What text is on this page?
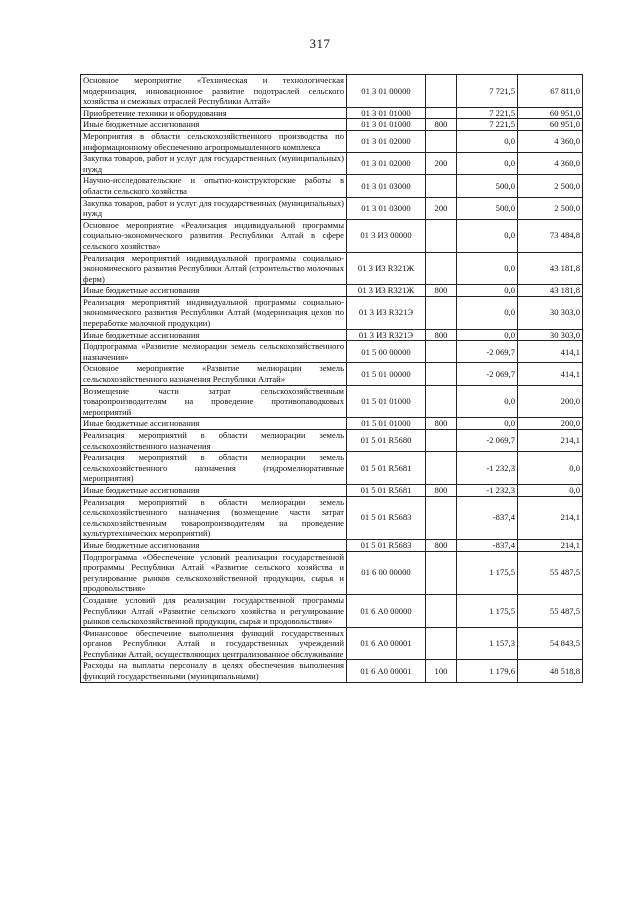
317
Основное мероприятие «Техническая и технологическая модернизация, инновационное развитие подотраслей сельского хозяйства и смежных отраслей Республики Алтай»	01 3 01 00000		7 721,5	67 811,0
Приобретение техники и оборудования	01 3 01 01000		7 221,5	60 951,0
Иные бюджетные ассигнования	01 3 01 01000	800	7 221,5	60 951,0
Мероприятия в области сельскохозяйственного производства по информационному обеспечению агропромышленного комплекса	01 3 01 02000		0,0	4 360,0
Закупка товаров, работ и услуг для государственных (муниципальных) нужд	01 3 01 02000	200	0,0	4 360,0
Научно-исследовательские и опытно-конструкторские работы в области сельского хозяйства	01 3 01 03000		500,0	2 500,0
Закупка товаров, работ и услуг для государственных (муниципальных) нужд	01 3 01 03000	200	500,0	2 500,0
Основное мероприятие «Реализация индивидуальной программы социально-экономического развития Республики Алтай в сфере сельского хозяйства»	01 3 И3 00000		0,0	73 484,8
Реализация мероприятий индивидуальной программы социально-экономического развития Республики Алтай (строительство молочных ферм)	01 3 И3 R321Ж		0,0	43 181,8
Иные бюджетные ассигнования	01 3 И3 R321Ж	800	0,0	43 181,8
Реализация мероприятий индивидуальной программы социально-экономического развития Республики Алтай (модернизация цехов по переработке молочной продукции)	01 3 И3 R321Э		0,0	30 303,0
Иные бюджетные ассигнования	01 3 И3 R321Э	800	0,0	30 303,0
Подпрограмма «Развитие мелиорации земель сельскохозяйственного назначения»	01 5 00 00000		-2 069,7	414,1
Основное мероприятие «Развитие мелиорации земель сельскохозяйственного назначения Республики Алтай»	01 5 01 00000		-2 069,7	414,1
Возмещение части затрат сельскохозяйственным товаропроизводителям на проведение противопаводковых мероприятий	01 5 01 01000		0,0	200,0
Иные бюджетные ассигнования	01 5 01 01000	800	0,0	200,0
Реализация мероприятий в области мелиорации земель сельскохозяйственного назначения	01 5 01 R5680		-2 069,7	214,1
Реализация мероприятий в области мелиорации земель сельскохозяйственного назначения (гидромелиоративные мероприятия)	01 5 01 R5681		-1 232,3	0,0
Иные бюджетные ассигнования	01 5 01 R5681	800	-1 232,3	0,0
Реализация мероприятий в области мелиорации земель сельскохозяйственного назначения (возмещение части затрат сельскохозяйственным товаропроизводителям на проведение культуртехнических мероприятий)	01 5 01 R5683		-837,4	214,1
Иные бюджетные ассигнования	01 5 01 R5683	800	-837,4	214,1
Подпрограмма «Обеспечение условий реализации государственной программы Республики Алтай «Развитие сельского хозяйства и регулирование рынков сельскохозяйственной продукции, сырья и продовольствия»	01 6 00 00000		1 175,5	55 487,5
Создание условий для реализации государственной программы Республики Алтай «Развитие сельского хозяйства и регулирование рынков сельскохозяйственной продукции, сырья и продовольствия»	01 6 А0 00000		1 175,5	55 487,5
Финансовое обеспечение выполнения функций государственных органов Республики Алтай и государственных учреждений Республики Алтай, осуществляющих централизованное обслуживание	01 6 А0 00001		1 157,3	54 843,5
Расходы на выплаты персоналу в целях обеспечения выполнения функций государственными (муниципальными)	01 6 А0 00001	100	1 179,6	48 518,8
